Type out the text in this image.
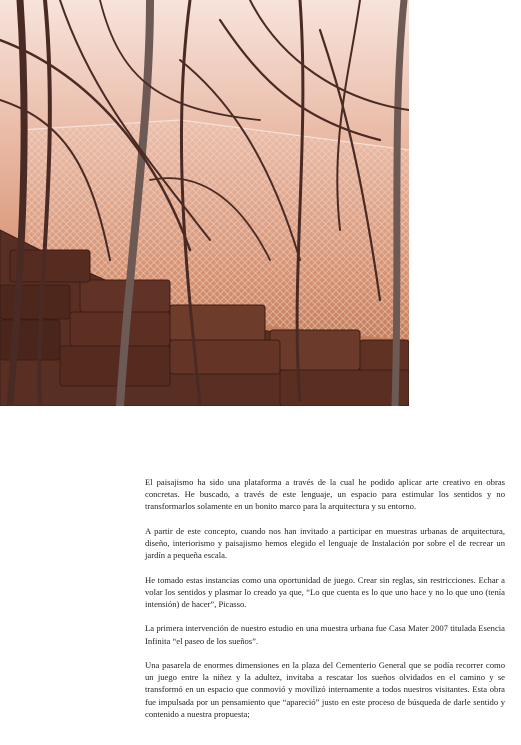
El paisajismo ha sido una plataforma a través de la cual he podido aplicar arte creativo en obras concretas. He buscado, a través de este lenguaje, un espacio para estimular los sentidos y no transformarlos solamente en un bonito marco para la arquitectura y su entorno.

A partir de este concepto, cuando nos han invitado a participar en muestras urbanas de arquitectura, diseño, interiorismo y paisajismo hemos elegido el lenguaje de Instalación por sobre el de recrear un jardín a pequeña escala.

He tomado estas instancias como una oportunidad de juego. Crear sin reglas, sin restricciones. Echar a volar los sentidos y plasmar lo creado ya que, “Lo que cuenta es lo que uno hace y no lo que uno (tenía intensión) de hacer”, Picasso.

La primera intervención de nuestro estudio en una muestra urbana fue Casa Mater 2007 titulada Esencia Infinita “el paseo de los sueños”.

Una pasarela de enormes dimensiones en la plaza del Cementerio General que se podía recorrer como un juego entre la niñez y la adultez, invitaba a rescatar los sueños olvidados en el camino y se transformó en un espacio que conmovió y movilizó internamente a todos nuestros visitantes. Esta obra fue impulsada por un pensamiento que “apareció” justo en este proceso de búsqueda de darle sentido y contenido a nuestra propuesta;
